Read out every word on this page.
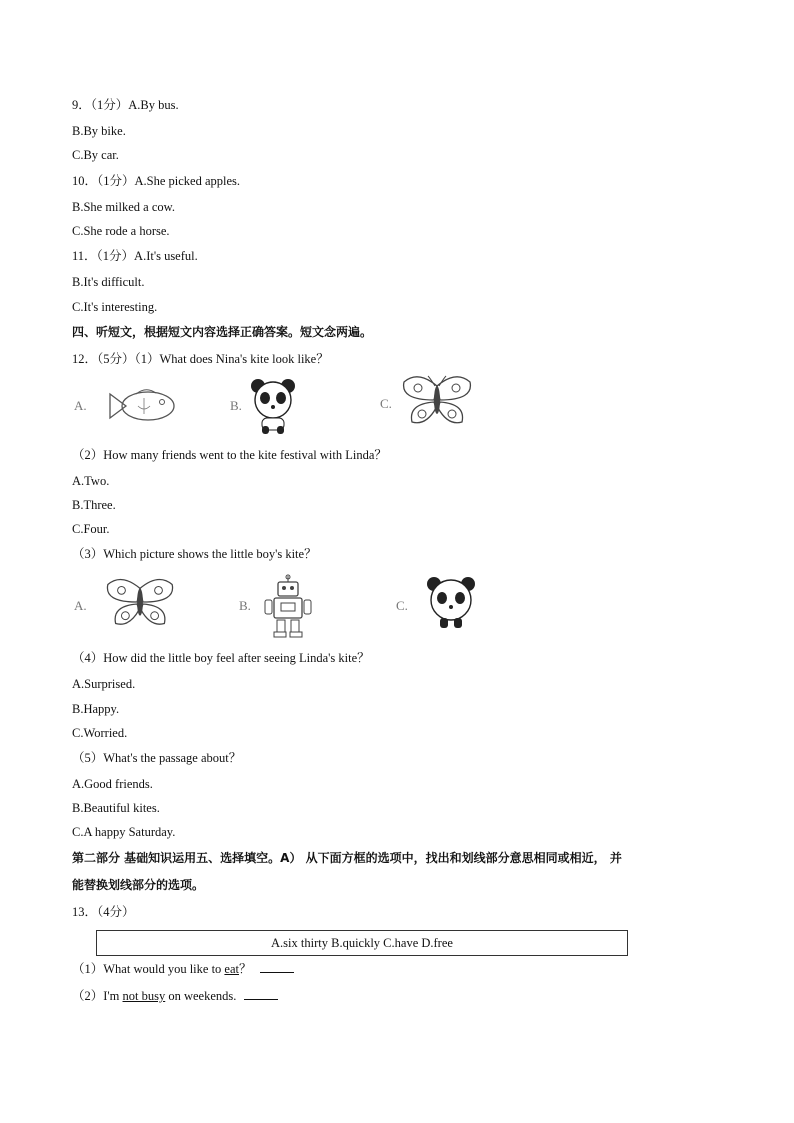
9．（1分）A.By bus.
B.By bike.
C.By car.
10．（1分）A.She picked apples.
B.She milked a cow.
C.She rode a horse.
11．（1分）A.It's useful.
B.It's difficult.
C.It's interesting.
四、听短文，根据短文内容选择正确答案。短文念两遍。
12．（5分）（1）What does Nina's kite look like？
A.	B.	C.
（2）How many friends went to the kite festival with Linda？
A.Two.
B.Three.
C.Four.
（3）Which picture shows the little boy's kite？
A.	B.	C.
（4）How did the little boy feel after seeing Linda's kite？
A.Surprised.
B.Happy.
C.Worried.
（5）What's the passage about？
A.Good friends.
B.Beautiful kites.
C.A happy Saturday.
第二部分 基础知识运用五、选择填空。A） 从下面方框的选项中，找出和划线部分意思相同或相近， 并
能替换划线部分的选项。
13．（4分）
A.six thirty B.quickly C.have D.free
（1）What would you like to eat？
（2）I'm not busy on weekends.
